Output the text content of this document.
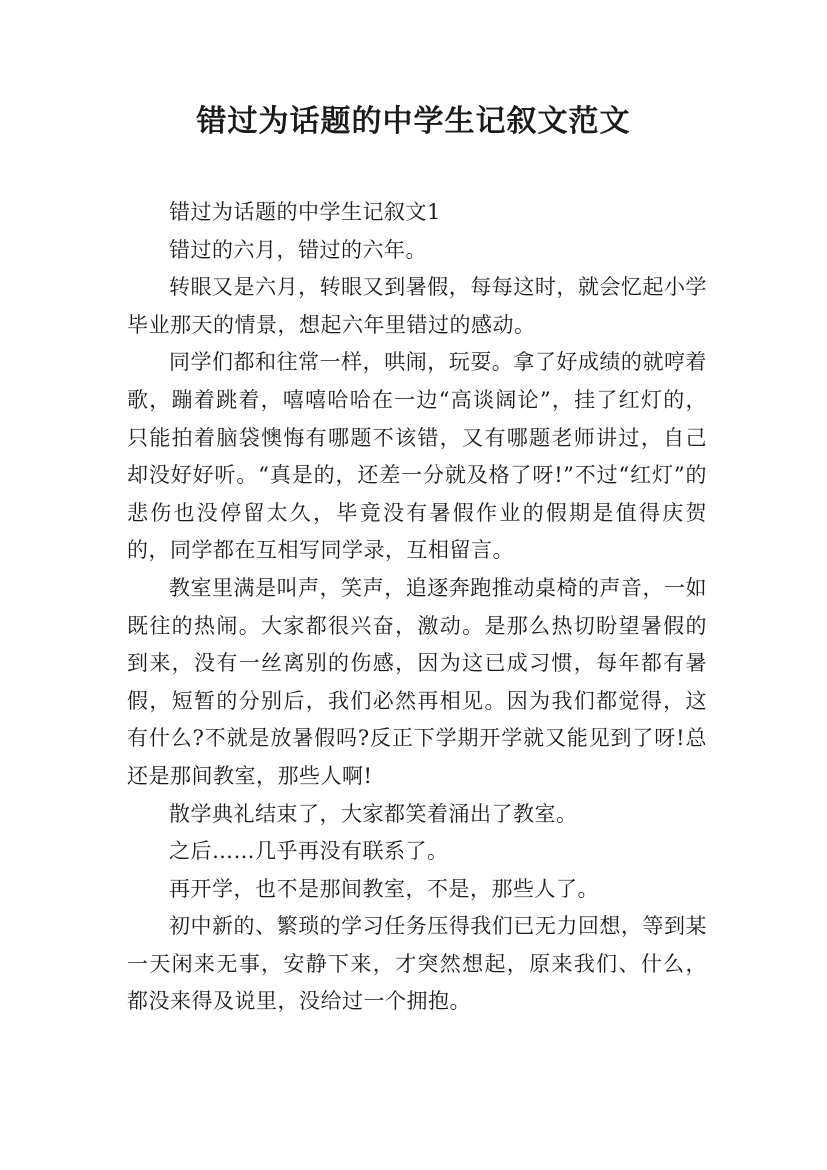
错过为话题的中学生记叙文范文

错过为话题的中学生记叙文1

错过的六月，错过的六年。

转眼又是六月，转眼又到暑假，每每这时，就会忆起小学毕业那天的情景，想起六年里错过的感动。

同学们都和往常一样，哄闹，玩耍。拿了好成绩的就哼着歌，蹦着跳着，嘻嘻哈哈在一边“高谈阔论”，挂了红灯的，只能拍着脑袋懊悔有哪题不该错，又有哪题老师讲过，自己却没好好听。“真是的，还差一分就及格了呀!”不过“红灯”的悲伤也没停留太久，毕竟没有暑假作业的假期是值得庆贺的，同学都在互相写同学录，互相留言。

教室里满是叫声，笑声，追逐奔跑推动桌椅的声音，一如既往的热闹。大家都很兴奋，激动。是那么热切盼望暑假的到来，没有一丝离别的伤感，因为这已成习惯，每年都有暑假，短暂的分别后，我们必然再相见。因为我们都觉得，这有什么?不就是放暑假吗?反正下学期开学就又能见到了呀!总还是那间教室，那些人啊!

散学典礼结束了，大家都笑着涌出了教室。

之后……几乎再没有联系了。

再开学，也不是那间教室，不是，那些人了。

初中新的、繁琐的学习任务压得我们已无力回想，等到某一天闲来无事，安静下来，才突然想起，原来我们、什么，都没来得及说里，没给过一个拥抱。
